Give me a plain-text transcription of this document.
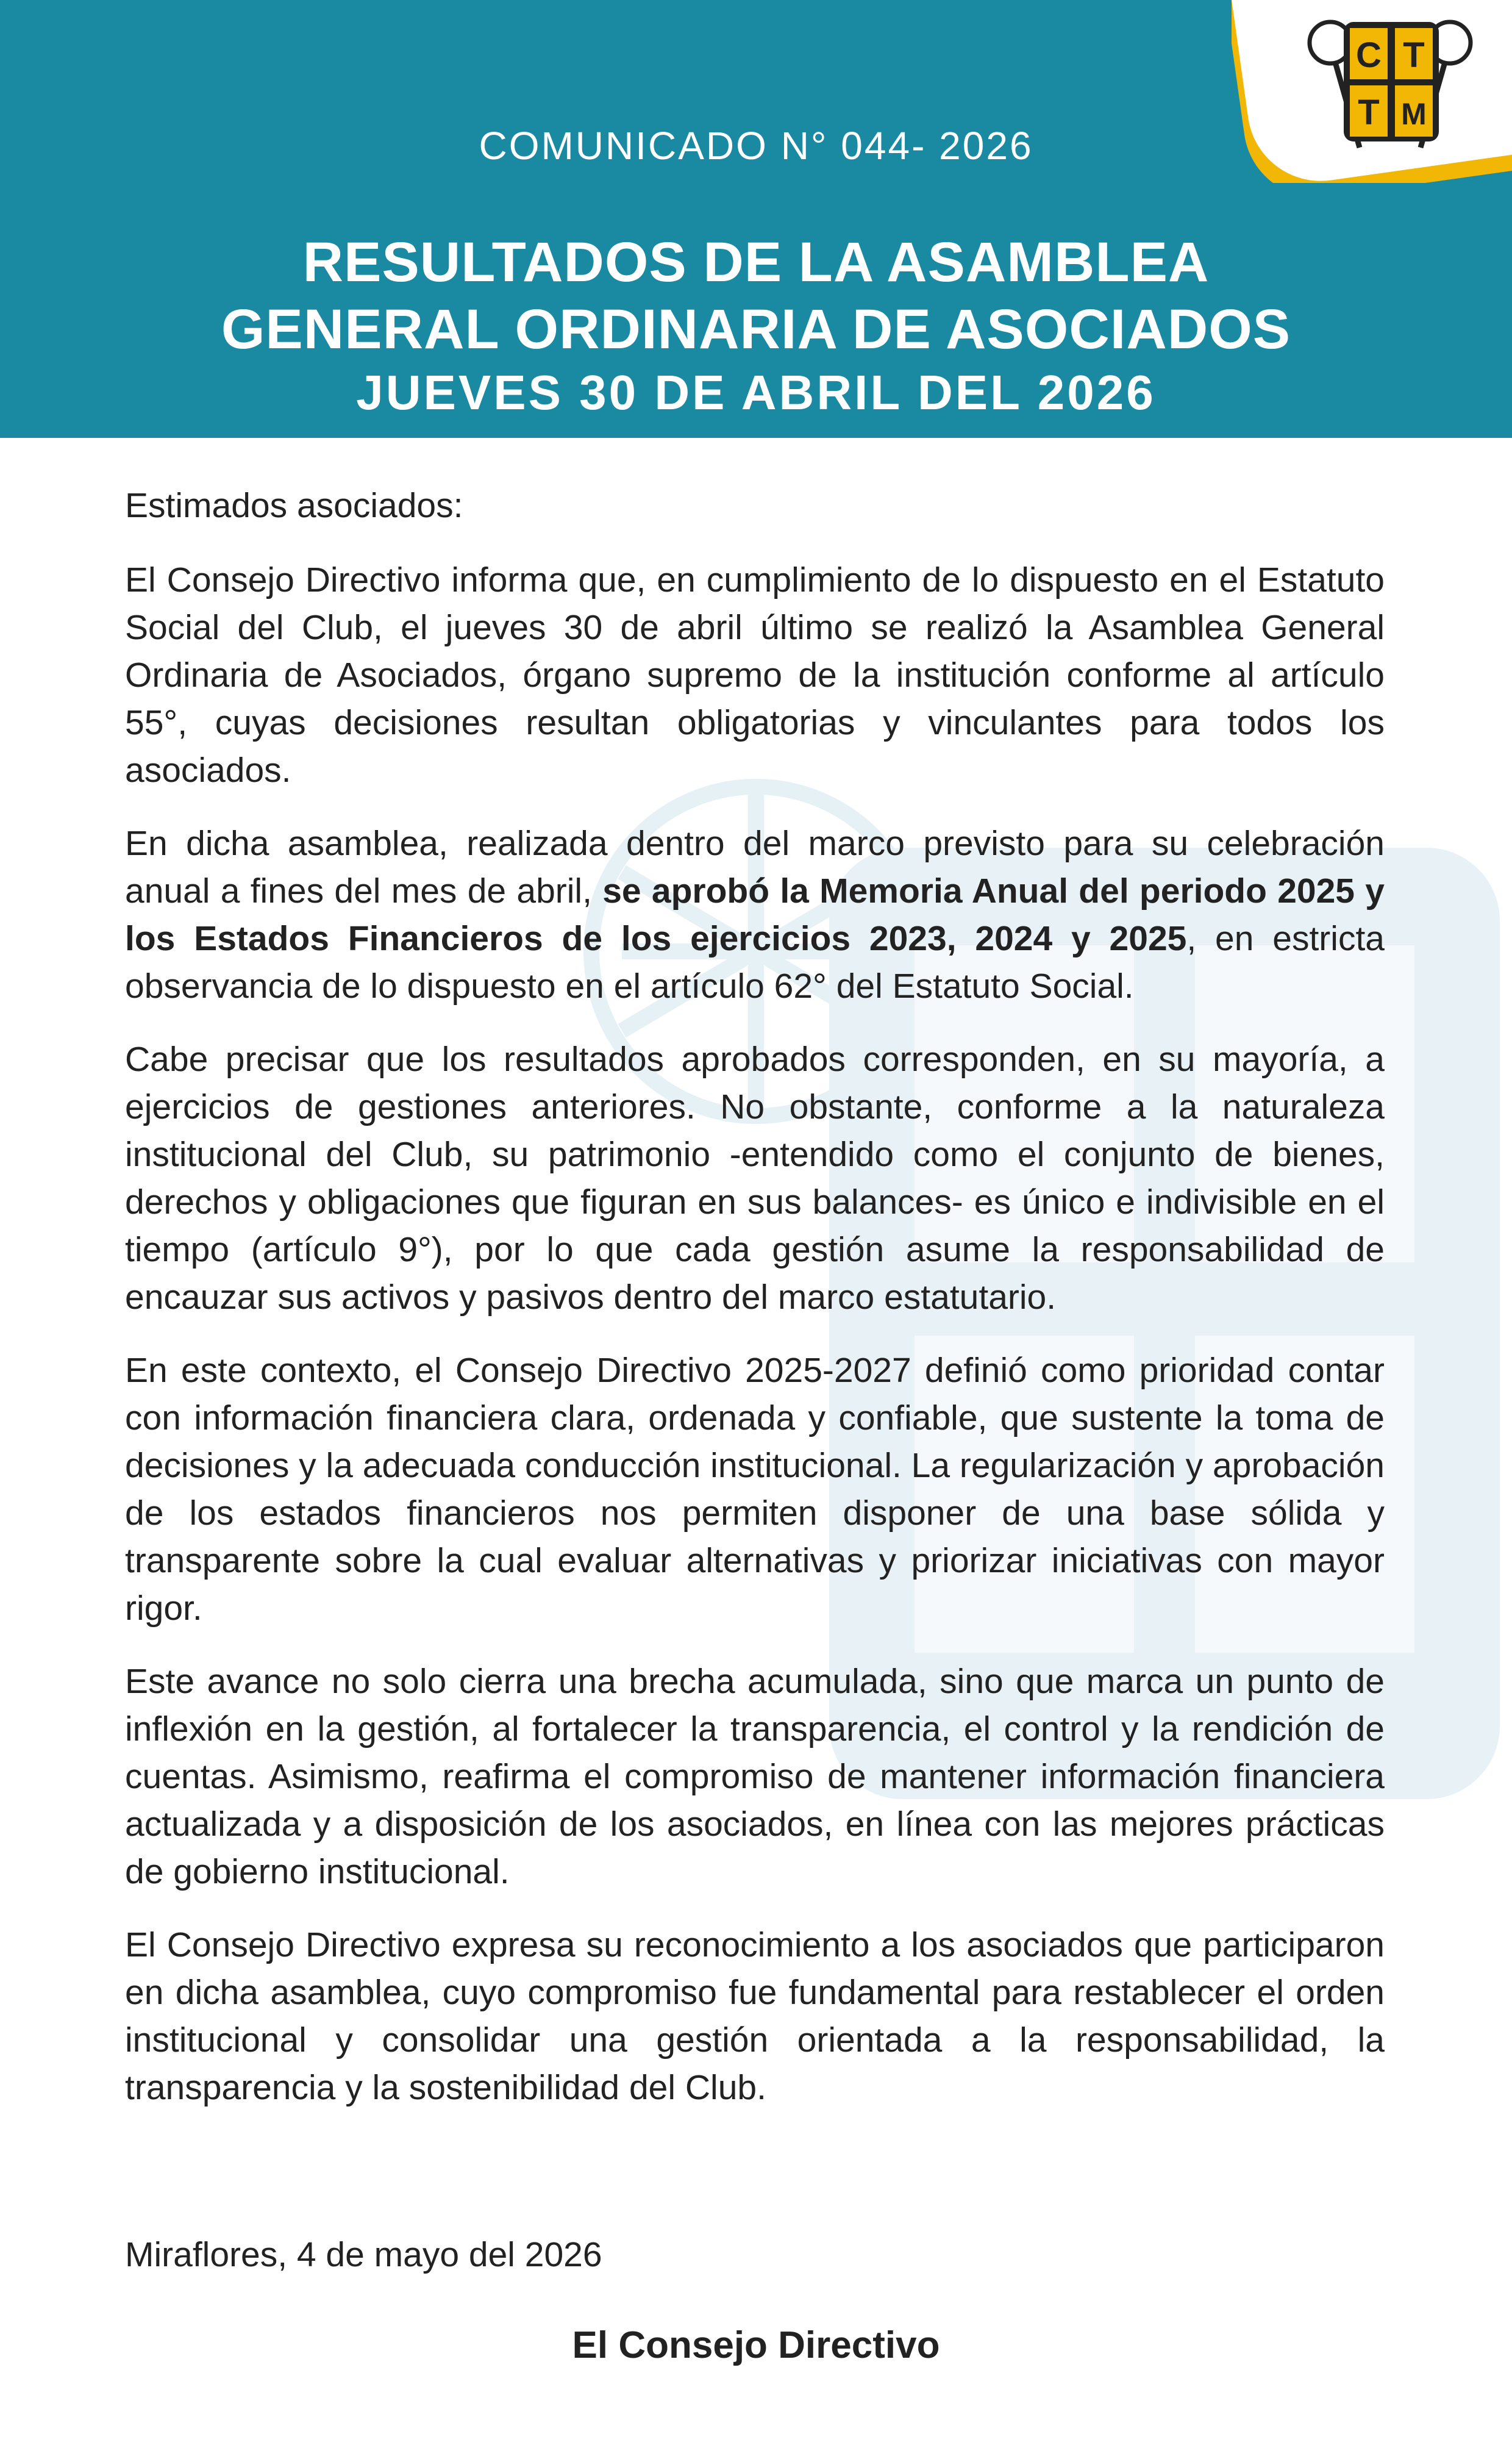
C T
T M
COMUNICADO N° 044- 2026
RESULTADOS DE LA ASAMBLEA
GENERAL ORDINARIA DE ASOCIADOS
JUEVES 30 DE ABRIL DEL 2026

Estimados asociados:

El Consejo Directivo informa que, en cumplimiento de lo dispuesto en el Estatuto Social del Club, el jueves 30 de abril último se realizó la Asamblea General Ordinaria de Asociados, órgano supremo de la institución conforme al artículo 55°, cuyas decisiones resultan obligatorias y vinculantes para todos los asociados.

En dicha asamblea, realizada dentro del marco previsto para su celebración anual a fines del mes de abril, se aprobó la Memoria Anual del periodo 2025 y los Estados Financieros de los ejercicios 2023, 2024 y 2025, en estricta observancia de lo dispuesto en el artículo 62° del Estatuto Social.

Cabe precisar que los resultados aprobados corresponden, en su mayoría, a ejercicios de gestiones anteriores. No obstante, conforme a la naturaleza institucional del Club, su patrimonio -entendido como el conjunto de bienes, derechos y obligaciones que figuran en sus balances- es único e indivisible en el tiempo (artículo 9°), por lo que cada gestión asume la responsabilidad de encauzar sus activos y pasivos dentro del marco estatutario.

En este contexto, el Consejo Directivo 2025-2027 definió como prioridad contar con información financiera clara, ordenada y confiable, que sustente la toma de decisiones y la adecuada conducción institucional. La regularización y aprobación de los estados financieros nos permiten disponer de una base sólida y transparente sobre la cual evaluar alternativas y priorizar iniciativas con mayor rigor.

Este avance no solo cierra una brecha acumulada, sino que marca un punto de inflexión en la gestión, al fortalecer la transparencia, el control y la rendición de cuentas. Asimismo, reafirma el compromiso de mantener información financiera actualizada y a disposición de los asociados, en línea con las mejores prácticas de gobierno institucional.

El Consejo Directivo expresa su reconocimiento a los asociados que participaron en dicha asamblea, cuyo compromiso fue fundamental para restablecer el orden institucional y consolidar una gestión orientada a la responsabilidad, la transparencia y la sostenibilidad del Club.

Miraflores, 4 de mayo del 2026
El Consejo Directivo
